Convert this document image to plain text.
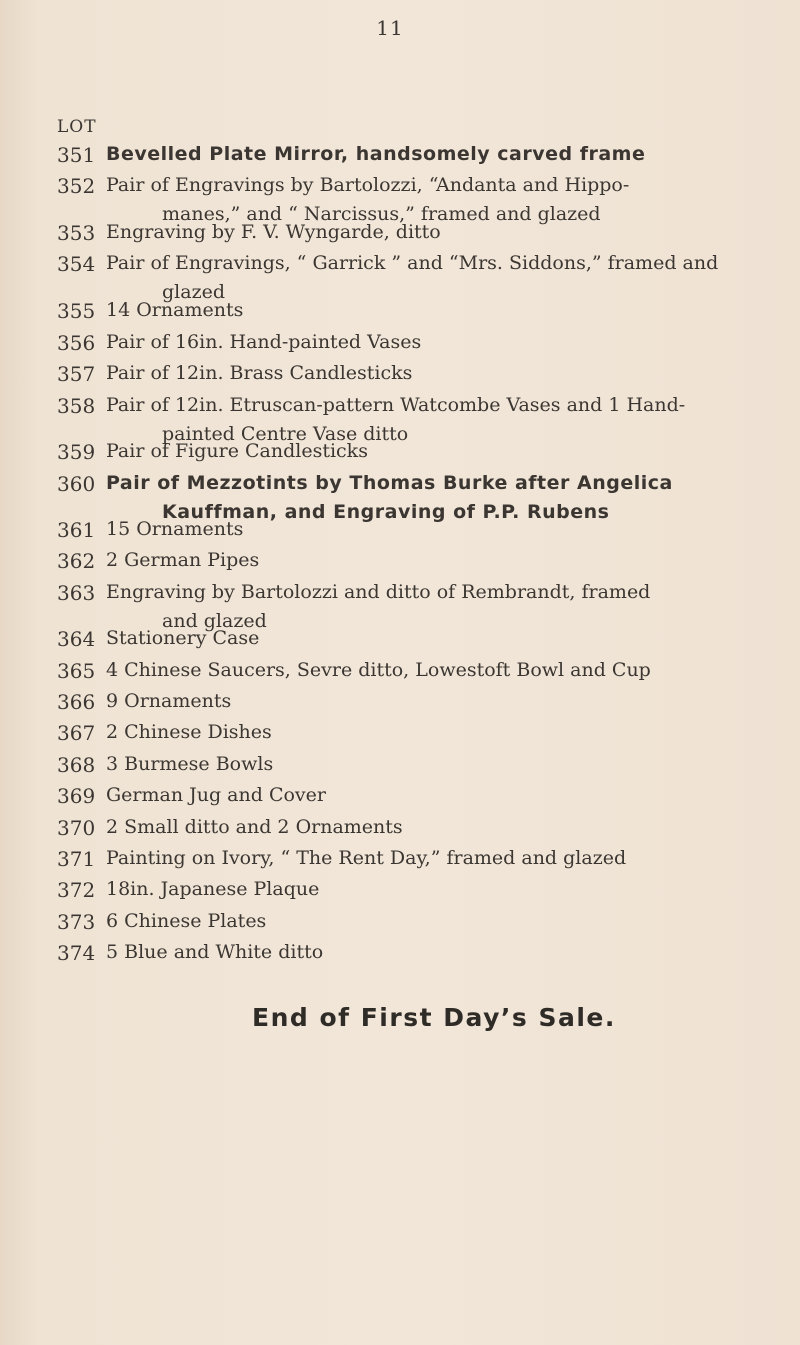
11
LOT
351 Bevelled Plate Mirror, handsomely carved frame
352 Pair of Engravings by Bartolozzi, “Andanta and Hippo-
manes,” and “ Narcissus,” framed and glazed
353 Engraving by F. V. Wyngarde, ditto
354 Pair of Engravings, “ Garrick ” and “Mrs. Siddons,” framed and
glazed
355 14 Ornaments
356 Pair of 16in. Hand-painted Vases
357 Pair of 12in. Brass Candlesticks
358 Pair of 12in. Etruscan-pattern Watcombe Vases and 1 Hand-
painted Centre Vase ditto
359 Pair of Figure Candlesticks
360 Pair of Mezzotints by Thomas Burke after Angelica
Kauffman, and Engraving of P.P. Rubens
361 15 Ornaments
362 2 German Pipes
363 Engraving by Bartolozzi and ditto of Rembrandt, framed
and glazed
364 Stationery Case
365 4 Chinese Saucers, Sevre ditto, Lowestoft Bowl and Cup
366 9 Ornaments
367 2 Chinese Dishes
368 3 Burmese Bowls
369 German Jug and Cover
370 2 Small ditto and 2 Ornaments
371 Painting on Ivory, “ The Rent Day,” framed and glazed
372 18in. Japanese Plaque
373 6 Chinese Plates
374 5 Blue and White ditto
End of First Day’s Sale.
